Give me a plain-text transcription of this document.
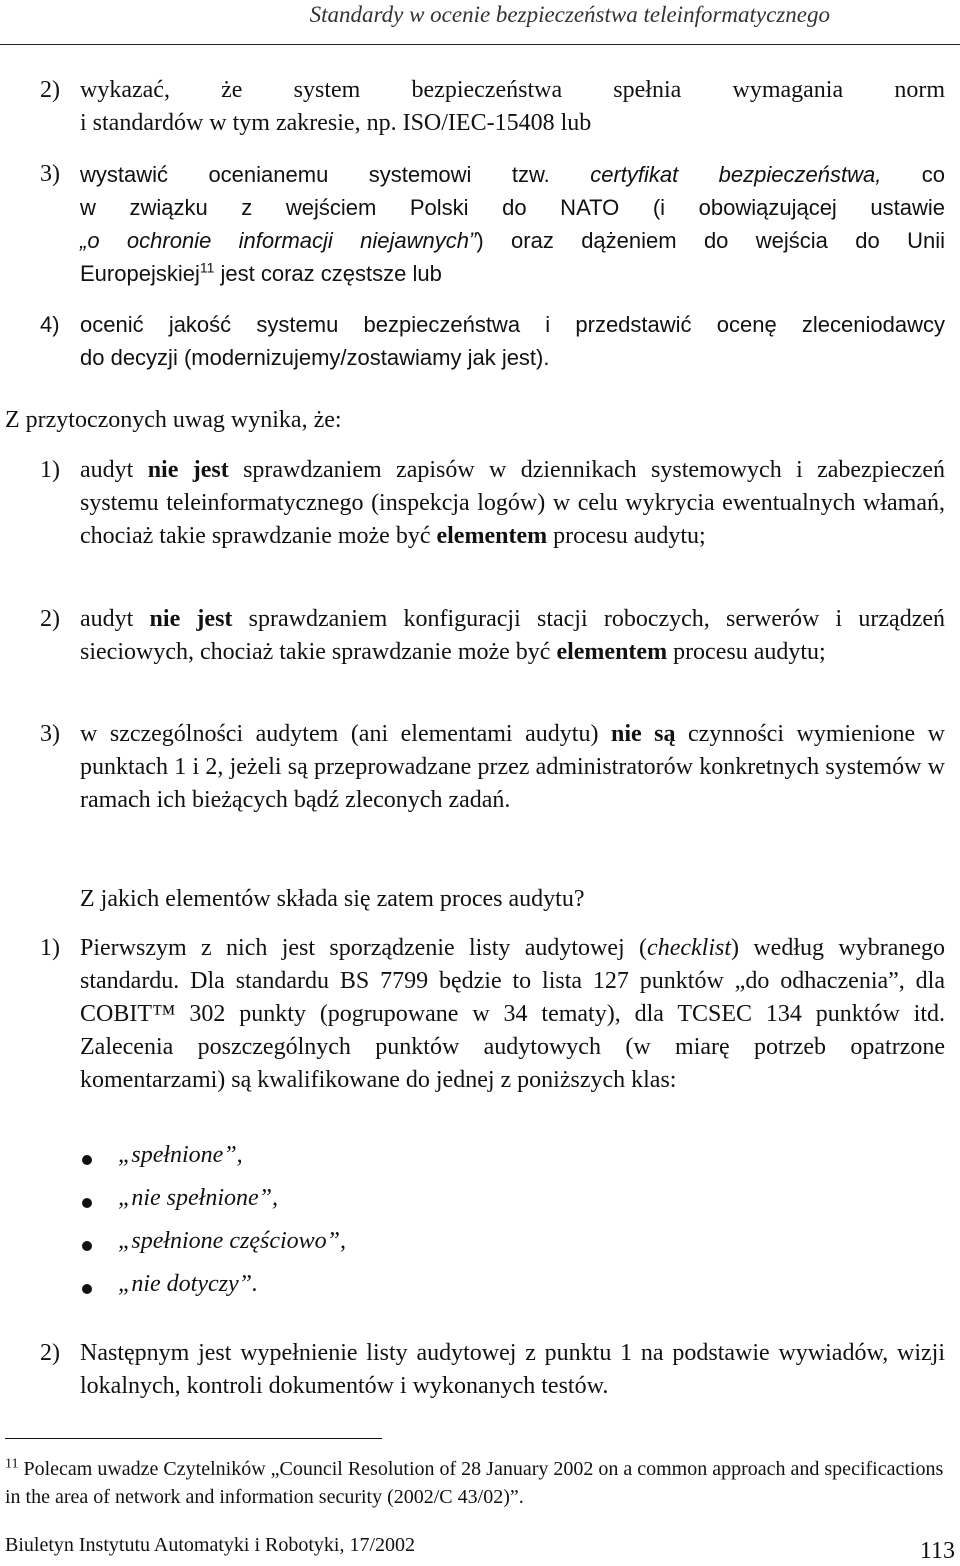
Standardy w ocenie bezpieczeństwa teleinformatycznego
2) wykazać, że system bezpieczeństwa spełnia wymagania norm
i standardów w tym zakresie, np. ISO/IEC-15408 lub
3) wystawić ocenianemu systemowi tzw. certyfikat bezpieczeństwa, co
w związku z wejściem Polski do NATO (i obowiązującej ustawie
„o ochronie informacji niejawnych”) oraz dążeniem do wejścia do Unii
Europejskiej$^{11}$ jest coraz częstsze lub
4) ocenić jakość systemu bezpieczeństwa i przedstawić ocenę zleceniodawcy
do decyzji (modernizujemy/zostawiamy jak jest).
Z przytoczonych uwag wynika, że:
1) audyt nie jest sprawdzaniem zapisów w dziennikach systemowych i zabezpieczeń systemu teleinformatycznego (inspekcja logów) w celu wykrycia ewentualnych włamań, chociaż takie sprawdzanie może być elementem procesu audytu;
2) audyt nie jest sprawdzaniem konfiguracji stacji roboczych, serwerów i urządzeń sieciowych, chociaż takie sprawdzanie może być elementem procesu audytu;
3) w szczególności audytem (ani elementami audytu) nie są czynności wymienione w punktach 1 i 2, jeżeli są przeprowadzane przez administratorów konkretnych systemów w ramach ich bieżących bądź zleconych zadań.
Z jakich elementów składa się zatem proces audytu?
1) Pierwszym z nich jest sporządzenie listy audytowej (checklist) według wybranego standardu. Dla standardu BS 7799 będzie to lista 127 punktów „do odhaczenia”, dla COBIT™ 302 punkty (pogrupowane w 34 tematy), dla TCSEC 134 punktów itd. Zalecenia poszczególnych punktów audytowych (w miarę potrzeb opatrzone komentarzami) są kwalifikowane do jednej z poniższych klas:
„spełnione”,
„nie spełnione”,
„spełnione częściowo”,
„nie dotyczy”.
2) Następnym jest wypełnienie listy audytowej z punktu 1 na podstawie wywiadów, wizji lokalnych, kontroli dokumentów i wykonanych testów.
$^{11}$ Polecam uwadze Czytelników „Council Resolution of 28 January 2002 on a common approach and specificactions in the area of network and information security (2002/C 43/02)”.
Biuletyn Instytutu Automatyki i Robotyki, 17/2002	113
